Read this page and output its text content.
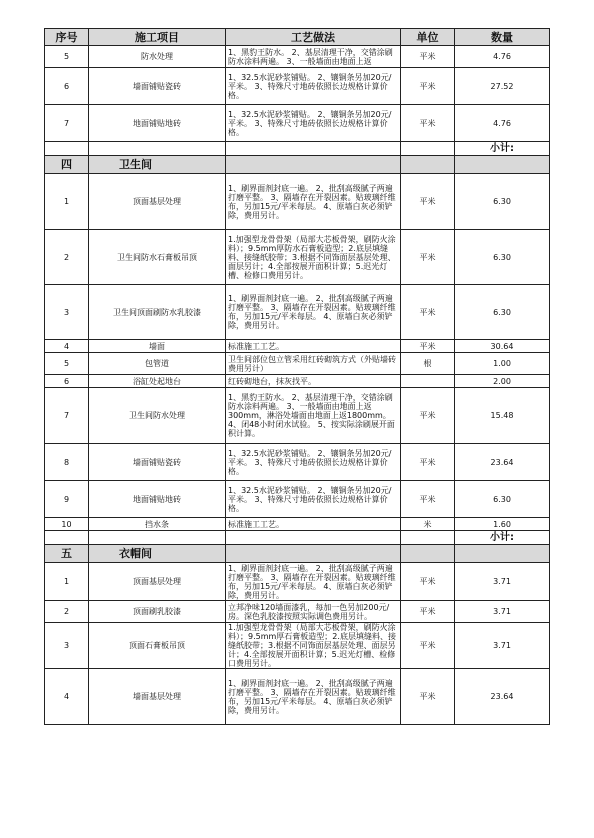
序号	施工项目	工艺做法	单位	数量
5	防水处理	1、黑豹王防水。 2、基层清理干净，交错涂刷防水涂料两遍。 3、一般墙面由地面上返	平米	4.76
6	墙面铺贴瓷砖	1、32.5水泥砂浆铺贴。 2、镶铜条另加20元/平米。 3、特殊尺寸地砖依照长边规格计算价格。	平米	27.52
7	地面铺贴地砖	1、32.5水泥砂浆铺贴。 2、镶铜条另加20元/平米。 3、特殊尺寸地砖依照长边规格计算价格。	平米	4.76
				小计:
四	卫生间			
1	顶面基层处理	1、刷界面剂封底一遍。 2、批刮高级腻子两遍打磨平整。 3、隔墙存在开裂因素。贴玻璃纤维布，另加15元/平米每层。 4、原墙白灰必须铲除，费用另计。	平米	6.30
2	卫生间防水石膏板吊顶	1.加强型龙骨骨架（局部大芯板骨架，刷防火涂料）；9.5mm厚防水石膏板造型；2.底层填缝料、接缝纸胶带；3.根据不同饰面层基层处理、面层另计；4.全部按展开面积计算；5.迟光灯槽、检修口费用另计。	平米	6.30
3	卫生间顶面刷防水乳胶漆	1、刷界面剂封底一遍。 2、批刮高级腻子两遍打磨平整。 3、隔墙存在开裂因素。贴玻璃纤维布，另加15元/平米每层。 4、原墙白灰必须铲除，费用另计。	平米	6.30
4	墙面	标准施工工艺。	平米	30.64
5	包管道	卫生间部位包立管采用红砖砌筑方式（外贴墙砖费用另计）	根	1.00
6	浴缸处起地台	红砖砌地台，抹灰找平。		2.00
7	卫生间防水处理	1、黑豹王防水。 2、基层清理干净，交错涂刷防水涂料两遍。 3、一般墙面由地面上返300mm，淋浴处墙面由地面上返1800mm。 4、闭48小时闭水试验。 5、按实际涂刷展开面积计算。	平米	15.48
8	墙面铺贴瓷砖	1、32.5水泥砂浆铺贴。 2、镶铜条另加20元/平米。 3、特殊尺寸地砖依照长边规格计算价格。	平米	23.64
9	地面铺贴地砖	1、32.5水泥砂浆铺贴。 2、镶铜条另加20元/平米。 3、特殊尺寸地砖依照长边规格计算价格。	平米	6.30
10	挡水条	标准施工工艺。	米	1.60
				小计:
五	衣帽间			
1	顶面基层处理	1、刷界面剂封底一遍。 2、批刮高级腻子两遍打磨平整。 3、隔墙存在开裂因素。贴玻璃纤维布，另加15元/平米每层。 4、原墙白灰必须铲除，费用另计。	平米	3.71
2	顶面刷乳胶漆	立邦净味120墙面漆乳，每加一色另加200元/房。深色乳胶漆按照实际调色费用另计。	平米	3.71
3	顶面石膏板吊顶	1.加强型龙骨骨架（局部大芯板骨架，刷防火涂料）；9.5mm厚石膏板造型；2.底层填缝料、接缝纸胶带；3.根据不同饰面层基层处理、面层另计；4.全部按展开面积计算；5.迟光灯槽、检修口费用另计。	平米	3.71
4	墙面基层处理	1、刷界面剂封底一遍。 2、批刮高级腻子两遍打磨平整。 3、隔墙存在开裂因素。贴玻璃纤维布，另加15元/平米每层。 4、原墙白灰必须铲除，费用另计。	平米	23.64
